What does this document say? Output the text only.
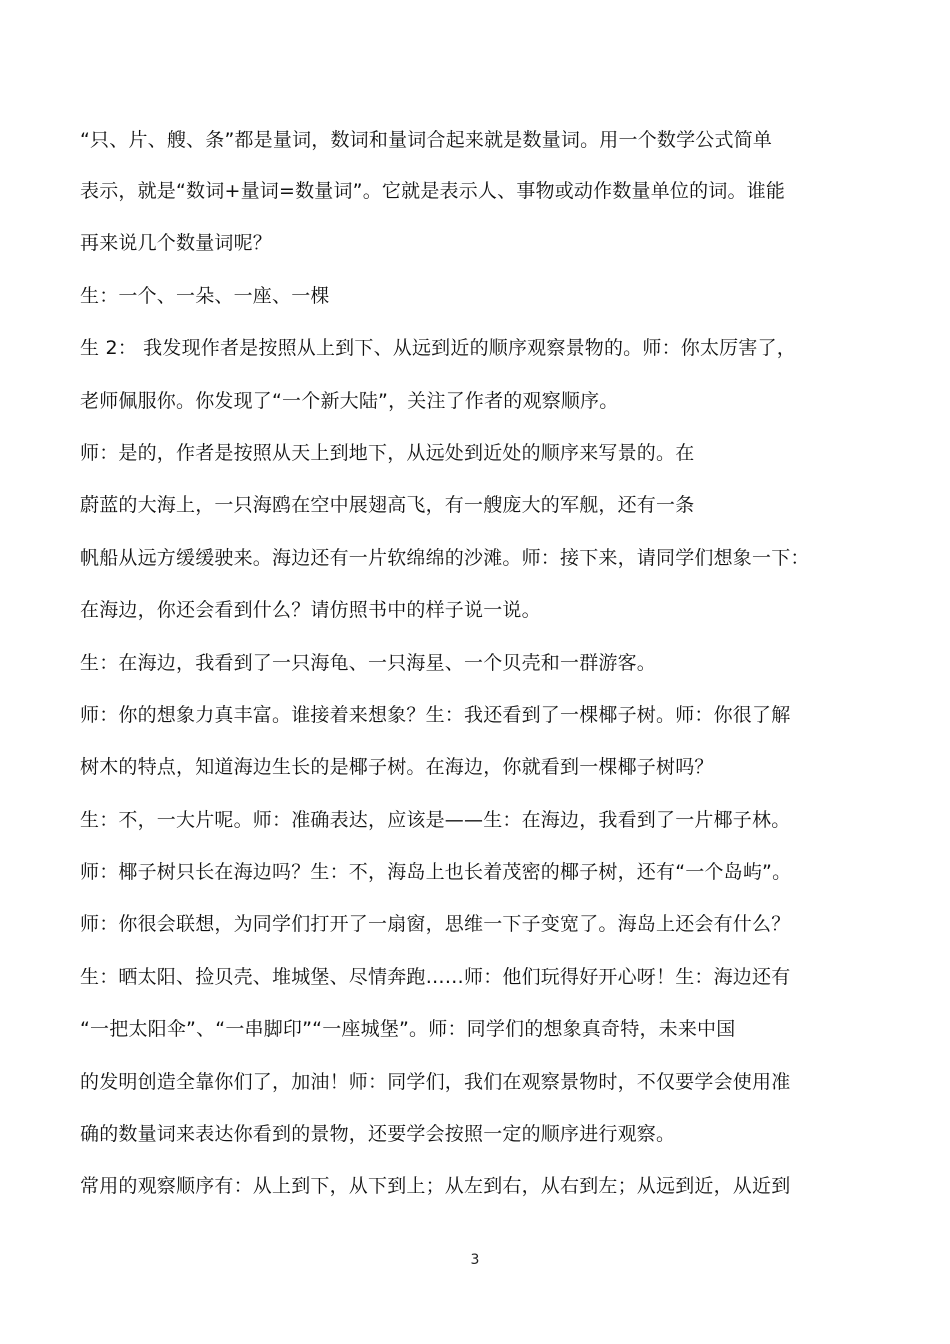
“只、片、艘、条”都是量词，数词和量词合起来就是数量词。用一个数学公式简单
表示，就是“数词+量词=数量词”。它就是表示人、事物或动作数量单位的词。谁能
再来说几个数量词呢？
生：一个、一朵、一座、一棵
生 2： 我发现作者是按照从上到下、从远到近的顺序观察景物的。师：你太厉害了，
老师佩服你。你发现了“一个新大陆”，关注了作者的观察顺序。
师：是的，作者是按照从天上到地下，从远处到近处的顺序来写景的。在
蔚蓝的大海上，一只海鸥在空中展翅高飞，有一艘庞大的军舰，还有一条
帆船从远方缓缓驶来。海边还有一片软绵绵的沙滩。师：接下来，请同学们想象一下：
在海边，你还会看到什么？请仿照书中的样子说一说。
生：在海边，我看到了一只海龟、一只海星、一个贝壳和一群游客。
师：你的想象力真丰富。谁接着来想象？生：我还看到了一棵椰子树。师：你很了解
树木的特点，知道海边生长的是椰子树。在海边，你就看到一棵椰子树吗？
生：不，一大片呢。师：准确表达，应该是——生：在海边，我看到了一片椰子林。
师：椰子树只长在海边吗？生：不，海岛上也长着茂密的椰子树，还有“一个岛屿”。
师：你很会联想，为同学们打开了一扇窗，思维一下子变宽了。海岛上还会有什么？
生：晒太阳、捡贝壳、堆城堡、尽情奔跑……师：他们玩得好开心呀！生：海边还有
“一把太阳伞”、“一串脚印”“一座城堡”。师：同学们的想象真奇特，未来中国
的发明创造全靠你们了，加油！师：同学们，我们在观察景物时，不仅要学会使用准
确的数量词来表达你看到的景物，还要学会按照一定的顺序进行观察。
常用的观察顺序有：从上到下，从下到上；从左到右，从右到左；从远到近，从近到
3
